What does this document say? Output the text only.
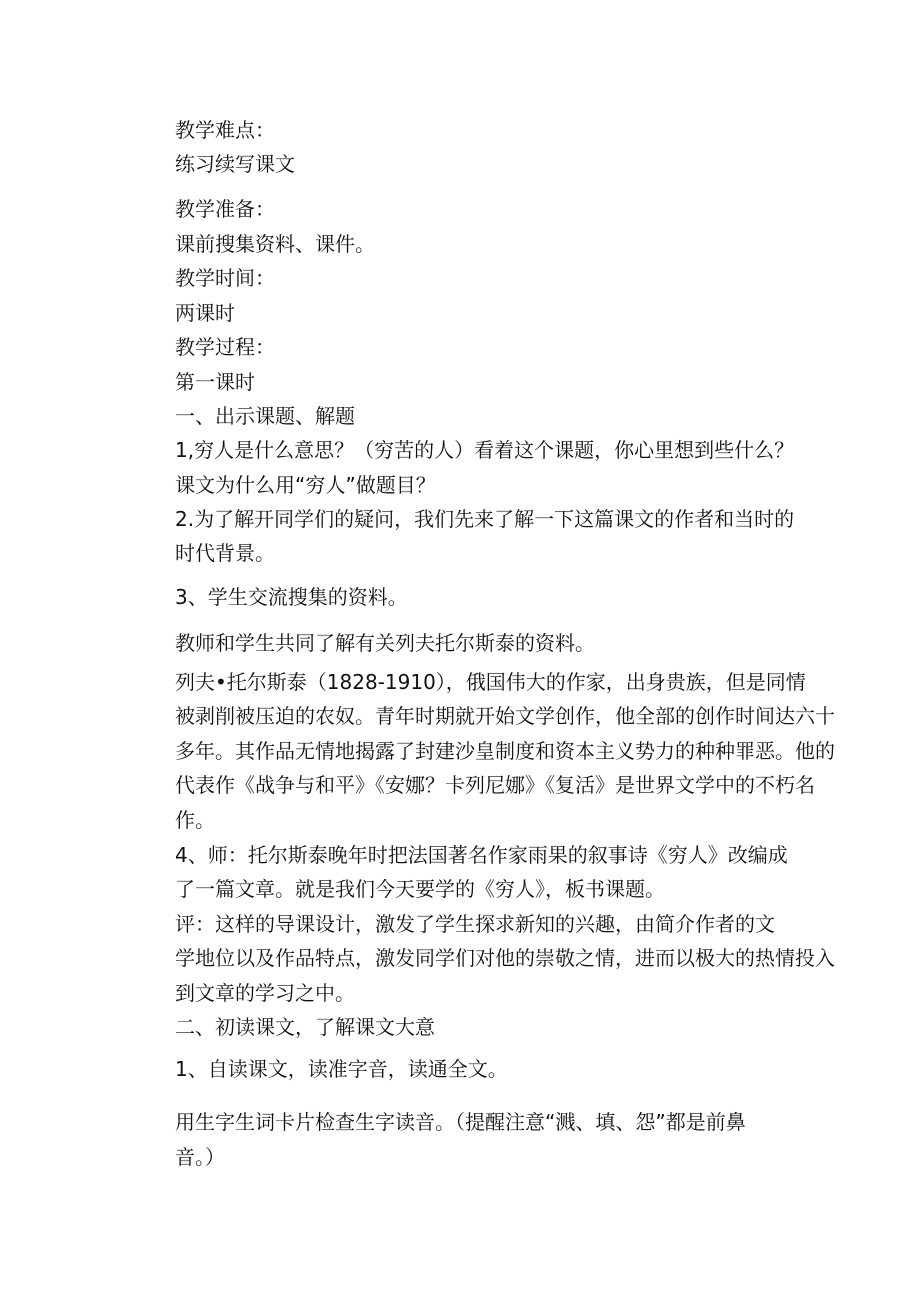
教学难点：
练习续写课文
教学准备：
课前搜集资料、课件。
教学时间：
两课时
教学过程：
第一课时
一、出示课题、解题
1,穷人是什么意思？（穷苦的人）看着这个课题，你心里想到些什么？
课文为什么用“穷人”做题目？
2.为了解开同学们的疑问，我们先来了解一下这篇课文的作者和当时的
时代背景。
3、学生交流搜集的资料。
教师和学生共同了解有关列夫托尔斯泰的资料。
列夫•托尔斯泰（1828-1910），俄国伟大的作家，出身贵族，但是同情
被剥削被压迫的农奴。青年时期就开始文学创作，他全部的创作时间达六十
多年。其作品无情地揭露了封建沙皇制度和资本主义势力的种种罪恶。他的
代表作《战争与和平》《安娜？卡列尼娜》《复活》是世界文学中的不朽名
作。
4、师：托尔斯泰晚年时把法国著名作家雨果的叙事诗《穷人》改编成
了一篇文章。就是我们今天要学的《穷人》，板书课题。
评：这样的导课设计，激发了学生探求新知的兴趣，由简介作者的文
学地位以及作品特点，激发同学们对他的崇敬之情，进而以极大的热情投入
到文章的学习之中。
二、初读课文，了解课文大意
1、自读课文，读准字音，读通全文。
用生字生词卡片检查生字读音。（提醒注意“溅、填、怨”都是前鼻
音。）
